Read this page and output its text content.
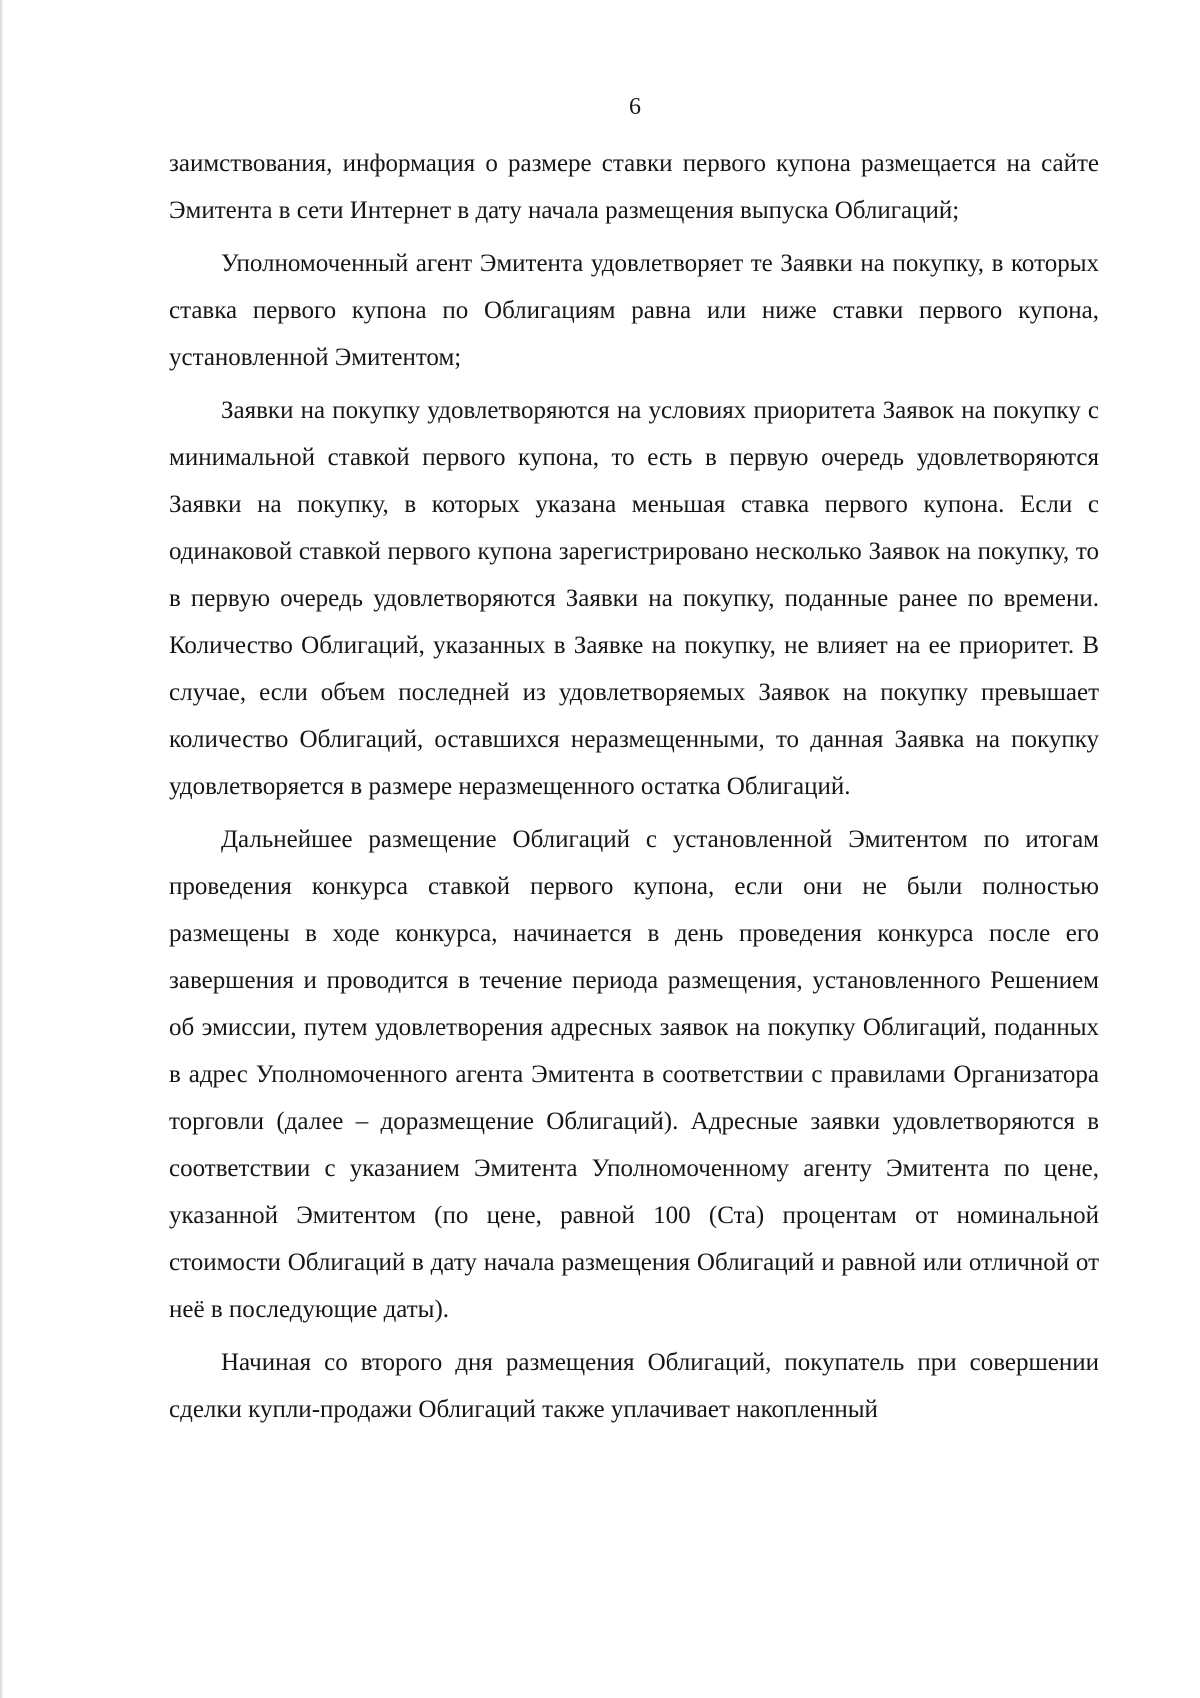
6

заимствования, информация о размере ставки первого купона размещается на сайте Эмитента в сети Интернет в дату начала размещения выпуска Облигаций;

Уполномоченный агент Эмитента удовлетворяет те Заявки на покупку, в которых ставка первого купона по Облигациям равна или ниже ставки первого купона, установленной Эмитентом;

Заявки на покупку удовлетворяются на условиях приоритета Заявок на покупку с минимальной ставкой первого купона, то есть в первую очередь удовлетворяются Заявки на покупку, в которых указана меньшая ставка первого купона. Если с одинаковой ставкой первого купона зарегистрировано несколько Заявок на покупку, то в первую очередь удовлетворяются Заявки на покупку, поданные ранее по времени. Количество Облигаций, указанных в Заявке на покупку, не влияет на ее приоритет. В случае, если объем последней из удовлетворяемых Заявок на покупку превышает количество Облигаций, оставшихся неразмещенными, то данная Заявка на покупку удовлетворяется в размере неразмещенного остатка Облигаций.

Дальнейшее размещение Облигаций с установленной Эмитентом по итогам проведения конкурса ставкой первого купона, если они не были полностью размещены в ходе конкурса, начинается в день проведения конкурса после его завершения и проводится в течение периода размещения, установленного Решением об эмиссии, путем удовлетворения адресных заявок на покупку Облигаций, поданных в адрес Уполномоченного агента Эмитента в соответствии с правилами Организатора торговли (далее – доразмещение Облигаций). Адресные заявки удовлетворяются в соответствии с указанием Эмитента Уполномоченному агенту Эмитента по цене, указанной Эмитентом (по цене, равной 100 (Ста) процентам от номинальной стоимости Облигаций в дату начала размещения Облигаций и равной или отличной от неё в последующие даты).

Начиная со второго дня размещения Облигаций, покупатель при совершении сделки купли-продажи Облигаций также уплачивает накопленный
